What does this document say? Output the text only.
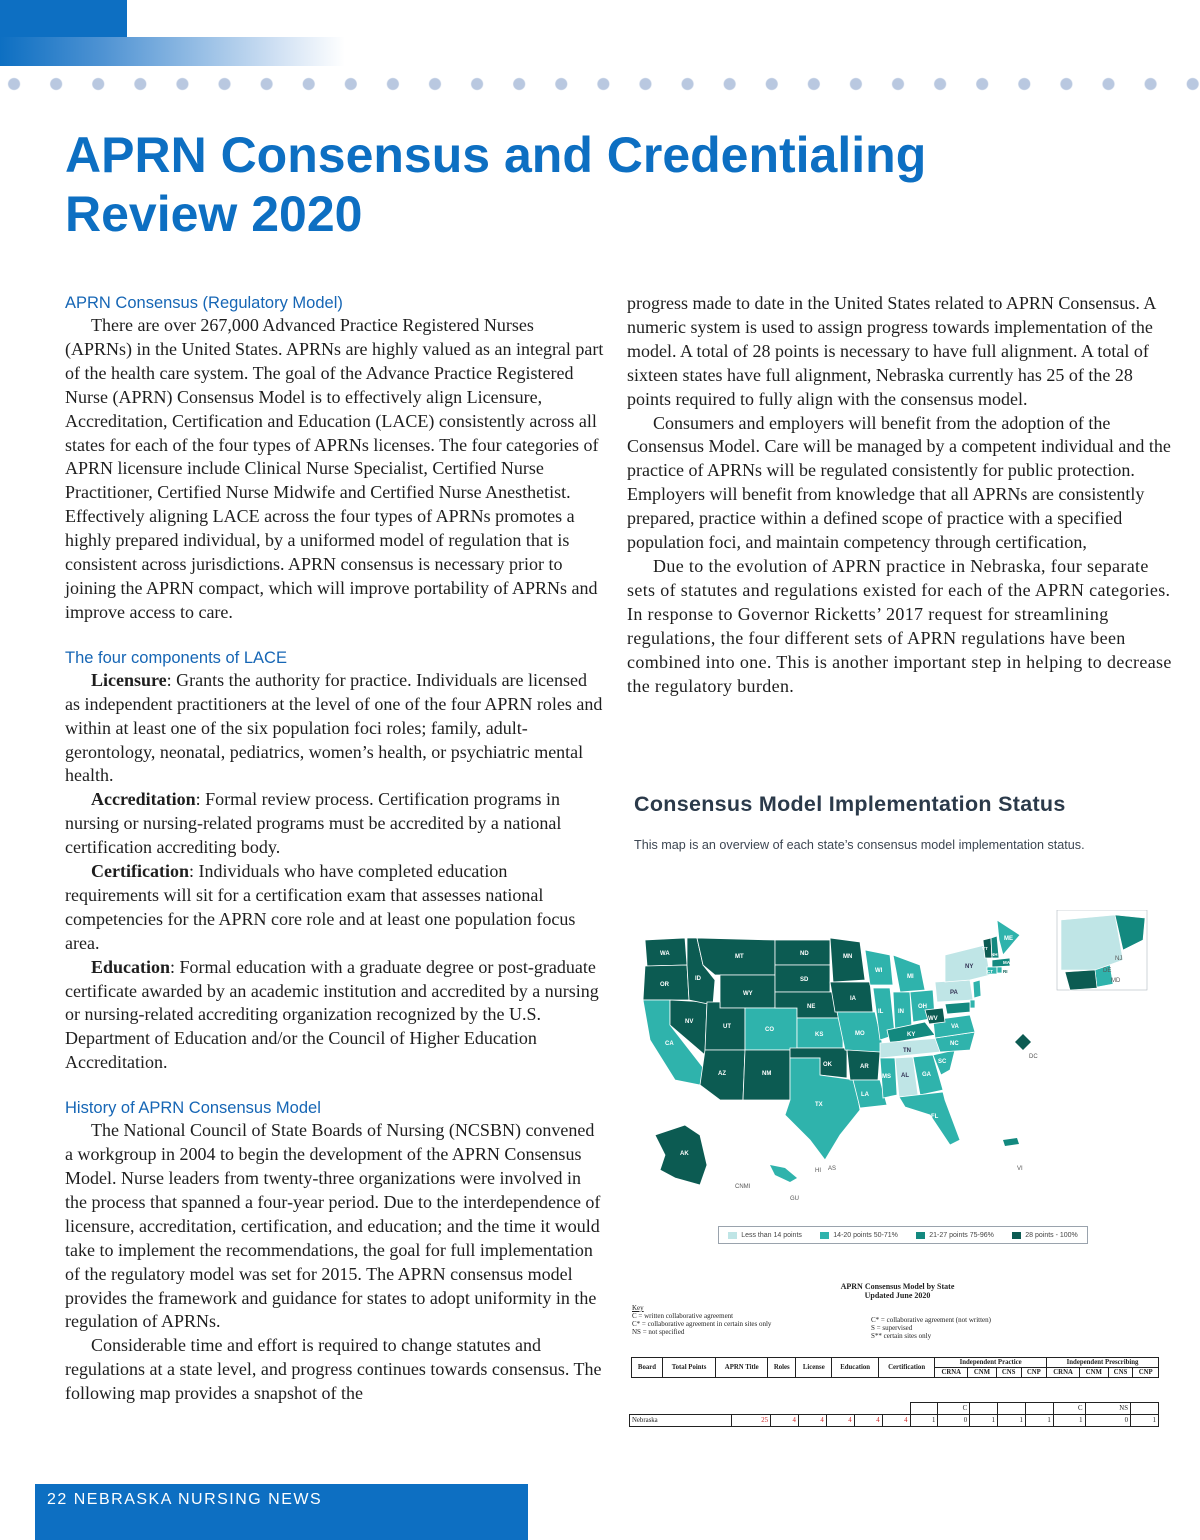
APRN Consensus and Credentialing
Review 2020
APRN Consensus (Regulatory Model)

There are over 267,000 Advanced Practice Registered Nurses (APRNs) in the United States. APRNs are highly valued as an integral part of the health care system. The goal of the Advance Practice Registered Nurse (APRN) Consensus Model is to effectively align Licensure, Accreditation, Certification and Education (LACE) consistently across all states for each of the four types of APRNs licenses. The four categories of APRN licensure include Clinical Nurse Specialist, Certified Nurse Practitioner, Certified Nurse Midwife and Certified Nurse Anesthetist. Effectively aligning LACE across the four types of APRNs promotes a highly prepared individual, by a uniformed model of regulation that is consistent across jurisdictions. APRN consensus is necessary prior to joining the APRN compact, which will improve portability of APRNs and improve access to care.

The four components of LACE

Licensure: Grants the authority for practice. Individuals are licensed as independent practitioners at the level of one of the four APRN roles and within at least one of the six population foci roles; family, adult-gerontology, neonatal, pediatrics, women’s health, or psychiatric mental health.

Accreditation: Formal review process. Certification programs in nursing or nursing-related programs must be accredited by a national certification accrediting body.

Certification: Individuals who have completed education requirements will sit for a certification exam that assesses national competencies for the APRN core role and at least one population focus area.

Education: Formal education with a graduate degree or post-graduate certificate awarded by an academic institution and accredited by a nursing or nursing-related accrediting organization recognized by the U.S. Department of Education and/or the Council of Higher Education Accreditation.

History of APRN Consensus Model

The National Council of State Boards of Nursing (NCSBN) convened a workgroup in 2004 to begin the development of the APRN Consensus Model. Nurse leaders from twenty-three organizations were involved in the process that spanned a four-year period. Due to the interdependence of licensure, accreditation, certification, and education; and the time it would take to implement the recommendations, the goal for full implementation of the regulatory model was set for 2015. The APRN consensus model provides the framework and guidance for states to adopt uniformity in the regulation of APRNs.

Considerable time and effort is required to change statutes and regulations at a state level, and progress continues towards consensus. The following map provides a snapshot of the

progress made to date in the United States related to APRN Consensus. A numeric system is used to assign progress towards implementation of the model. A total of 28 points is necessary to have full alignment. A total of sixteen states have full alignment, Nebraska currently has 25 of the 28 points required to fully align with the consensus model.

Consumers and employers will benefit from the adoption of the Consensus Model. Care will be managed by a competent individual and the practice of APRNs will be regulated consistently for public protection. Employers will benefit from knowledge that all APRNs are consistently prepared, practice within a defined scope of practice with a specified population foci, and maintain competency through certification,

Due to the evolution of APRN practice in Nebraska, four separate sets of statutes and regulations existed for each of the APRN categories. In response to Governor Ricketts’ 2017 request for streamlining regulations, the four different sets of APRN regulations have been combined into one. This is another important step in helping to decrease the regulatory burden.

Consensus Model Implementation Status

This map is an overview of each state’s consensus model implementation status.

WA
OR
CA
NV
ID
MT
WY
UT
AZ
CO
NM
ND
SD
NE
KS
OK
TX
MN
IA
MO
AR
LA
WI
IL
MI
IN
OH
KY
TN
MS AL GA
FL
SC
NC
VA
WV
PA
NY
VT
NH
ME
MA
CT RI
DC
AK
HI
CNMI
AS
GU
VI
NJ
DE
MD
Less than 14 points	14-20 points 50-71%	21-27 points 75-96%	28 points - 100%
APRN Consensus Model by State
Updated June 2020
Key
C = written collaborative agreement
C* = collaborative agreement in certain sites only
NS = not specified
C* = collaborative agreement (not written)
S = supervised
S** certain sites only
Board	Total Points	APRN Title	Roles	License	Education	Certification	Independent Practice				Independent Prescribing			
							CRNA	CNM	CNS	CNP	CRNA	CNM	CNS	CNP
								C				C	NS	
Nebraska	25	4	4	4	4	4	1	0	1	1	1	1	0	1
22 NEBRASKA NURSING NEWS
